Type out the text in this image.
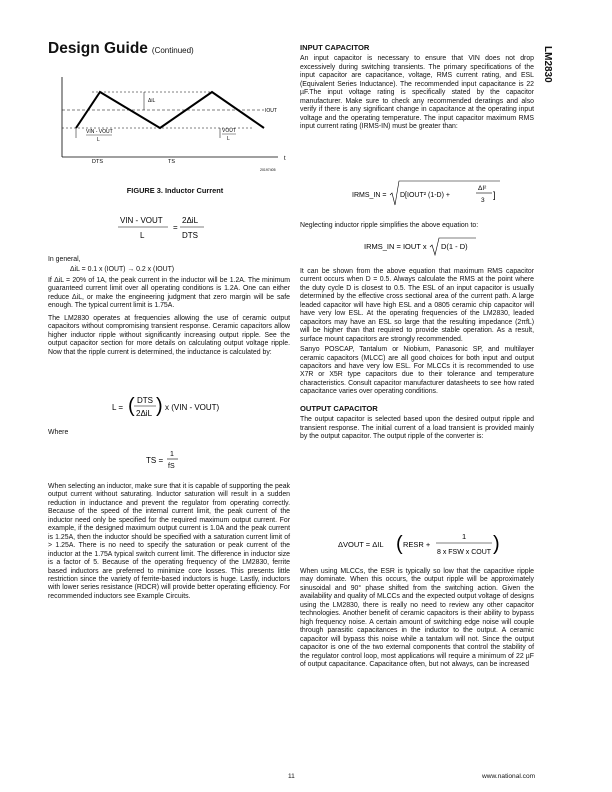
Design Guide (Continued)	LM2830
ΔiL
IOUT
VIN - VOUT
L
VOUT
L
DTS	TS	t
20197405
FIGURE 3. Inductor Current
VIN - VOUT
L
=
2ΔiL
DTS

In general,

ΔiL = 0.1 x (IOUT) → 0.2 x (IOUT)

If ΔiL = 20% of 1A, the peak current in the inductor will be 1.2A. The minimum guaranteed current limit over all operating conditions is 1.2A. One can either reduce ΔiL, or make the engineering judgment that zero margin will be safe enough. The typical current limit is 1.75A.

The LM2830 operates at frequencies allowing the use of ceramic output capacitors without compromising transient response. Ceramic capacitors allow higher inductor ripple without significantly increasing output ripple. See the output capacitor section for more details on calculating output voltage ripple. Now that the ripple current is determined, the inductance is calculated by:

L = ( DTS
2ΔiL ) x (VIN - VOUT)

Where

TS =
1
fS

When selecting an inductor, make sure that it is capable of supporting the peak output current without saturating. Inductor saturation will result in a sudden reduction in inductance and prevent the regulator from operating correctly. Because of the speed of the internal current limit, the peak current of the inductor need only be specified for the required maximum output current. For example, if the designed maximum output current is 1.0A and the peak current is 1.25A, then the inductor should be specified with a saturation current limit of > 1.25A. There is no need to specify the saturation or peak current of the inductor at the 1.75A typical switch current limit. The difference in inductor size is a factor of 5. Because of the operating frequency of the LM2830, ferrite based inductors are preferred to minimize core losses. This presents little restriction since the variety of ferrite-based inductors is huge. Lastly, inductors with lower series resistance (RDCR) will provide better operating efficiency. For recommended inductors see Example Circuits.

INPUT CAPACITOR

An input capacitor is necessary to ensure that VIN does not drop excessively during switching transients. The primary specifications of the input capacitor are capacitance, voltage, RMS current rating, and ESL (Equivalent Series Inductance). The recommended input capacitance is 22 µF.The input voltage rating is specifically stated by the capacitor manufacturer. Make sure to check any recommended deratings and also verify if there is any significant change in capacitance at the operating input voltage and the operating temperature. The input capacitor maximum RMS input current rating (IRMS-IN) must be greater than:

IRMS_IN = D[IOUT² (1-D) +
ΔI²
3
]

Neglecting inductor ripple simplifies the above equation to:

IRMS_IN = IOUT x D(1 - D)

It can be shown from the above equation that maximum RMS capacitor current occurs when D = 0.5. Always calculate the RMS at the point where the duty cycle D is closest to 0.5. The ESL of an input capacitor is usually determined by the effective cross sectional area of the current path. A large leaded capacitor will have high ESL and a 0805 ceramic chip capacitor will have very low ESL. At the operating frequencies of the LM2830, leaded capacitors may have an ESL so large that the resulting impedance (2πfL) will be higher than that required to provide stable operation. As a result, surface mount capacitors are strongly recommended.

Sanyo POSCAP, Tantalum or Niobium, Panasonic SP, and multilayer ceramic capacitors (MLCC) are all good choices for both input and output capacitors and have very low ESL. For MLCCs it is recommended to use X7R or X5R type capacitors due to their tolerance and temperature characteristics. Consult capacitor manufacturer datasheets to see how rated capacitance varies over operating conditions.

OUTPUT CAPACITOR

The output capacitor is selected based upon the desired output ripple and transient response. The initial current of a load transient is provided mainly by the output capacitor. The output ripple of the converter is:

ΔVOUT = ΔIL ( RESR +
1
8 x FSW x COUT )

When using MLCCs, the ESR is typically so low that the capacitive ripple may dominate. When this occurs, the output ripple will be approximately sinusoidal and 90° phase shifted from the switching action. Given the availability and quality of MLCCs and the expected output voltage of designs using the LM2830, there is really no need to review any other capacitor technologies. Another benefit of ceramic capacitors is their ability to bypass high frequency noise. A certain amount of switching edge noise will couple through parasitic capacitances in the inductor to the output. A ceramic capacitor will bypass this noise while a tantalum will not. Since the output capacitor is one of the two external components that control the stability of the regulator control loop, most applications will require a minimum of 22 µF of output capacitance. Capacitance often, but not always, can be increased

11	www.national.com
